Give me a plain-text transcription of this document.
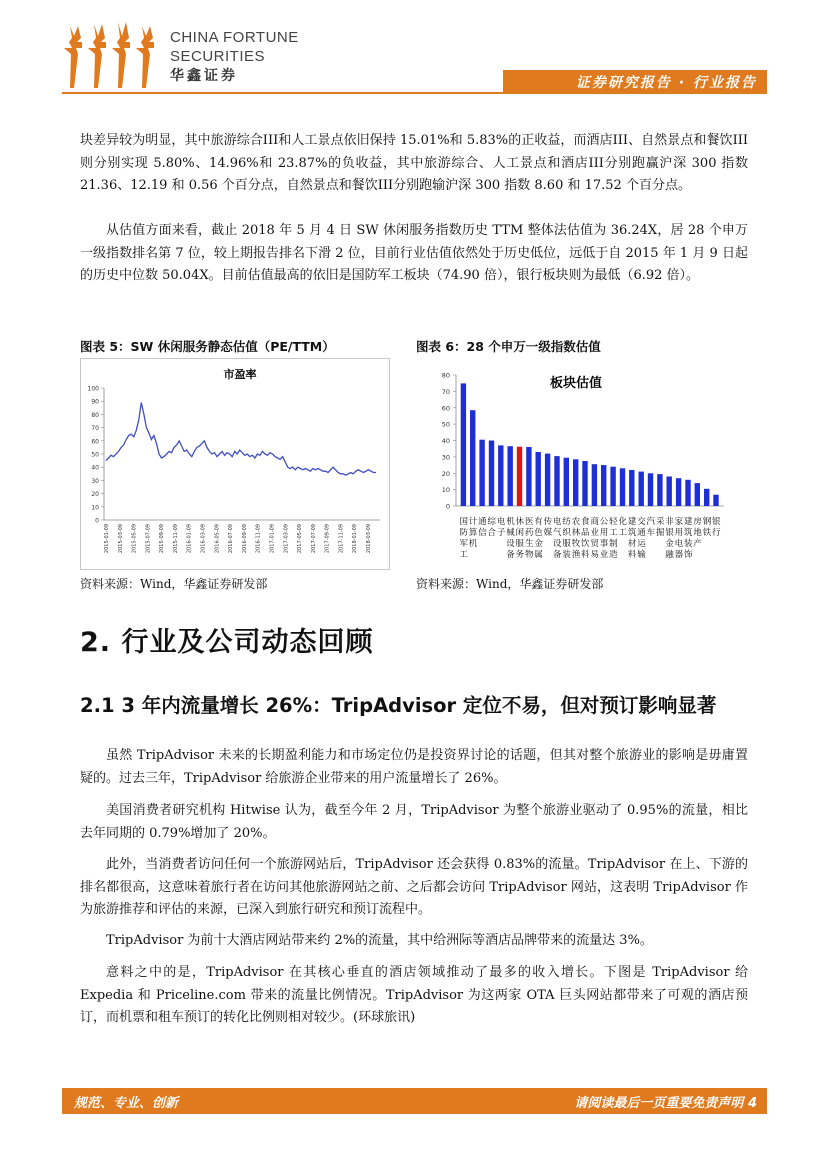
CHINA FORTUNE
SECURITIES
华鑫证券	证券研究报告 · 行业报告

块差异较为明显，其中旅游综合III和人工景点依旧保持 15.01%和 5.83%的正收益，而酒店III、自然景点和餐饮III则分别实现 5.80%、14.96%和 23.87%的负收益，其中旅游综合、人工景点和酒店III分别跑赢沪深 300 指数 21.36、12.19 和 0.56 个百分点，自然景点和餐饮III分别跑输沪深 300 指数 8.60 和 17.52 个百分点。

从估值方面来看，截止 2018 年 5 月 4 日 SW 休闲服务指数历史 TTM 整体法估值为 36.24X，居 28 个申万一级指数排名第 7 位，较上期报告排名下滑 2 位，目前行业估值依然处于历史低位，远低于自 2015 年 1 月 9 日起的历史中位数 50.04X。目前估值最高的依旧是国防军工板块（74.90 倍），银行板块则为最低（6.92 倍）。

图表 5：SW 休闲服务静态估值（PE/TTM）
市盈率
0
10
20
30
40
50
60
70
80
90
100
2015-01-09 2015-03-09 2015-05-09 2015-07-09 2015-09-09 2015-11-09 2016-01-09 2016-03-09 2016-05-09 2016-07-09 2016-09-09 2016-11-09 2017-01-09 2017-03-09 2017-05-09 2017-07-09 2017-09-09 2017-11-09 2018-01-09 2018-03-09
资料来源：Wind，华鑫证券研发部
图表 6：28 个申万一级指数估值
板块估值
0
10
20
30
40
50
60
70
80
国 计 通 综 电 机 休 医 有 传 电 纺 农 食 商 公 轻 化 建 交 汽 采 非 家 建 房 钢 银
防 算 信 合 子 械 闲 药 色 媒 气 织 林 品 业 用 工 工 筑 通 车 掘 银 用 筑 地 铁 行
军 机	设 服 生 金 设 服 牧 饮 贸 事 制 材 运 金 电 装 产
工	备 务 物 属 备 装 渔 料 易 业 造 料 输 融 器 饰
资料来源：Wind，华鑫证券研发部
2. 行业及公司动态回顾
2.1 3 年内流量增长 26%：TripAdvisor 定位不易，但对预订影响显著

虽然 TripAdvisor 未来的长期盈利能力和市场定位仍是投资界讨论的话题，但其对整个旅游业的影响是毋庸置疑的。过去三年，TripAdvisor 给旅游企业带来的用户流量增长了 26%。

美国消费者研究机构 Hitwise 认为，截至今年 2 月，TripAdvisor 为整个旅游业驱动了 0.95%的流量，相比去年同期的 0.79%增加了 20%。

此外，当消费者访问任何一个旅游网站后，TripAdvisor 还会获得 0.83%的流量。TripAdvisor 在上、下游的排名都很高，这意味着旅行者在访问其他旅游网站之前、之后都会访问 TripAdvisor 网站，这表明 TripAdvisor 作为旅游推荐和评估的来源，已深入到旅行研究和预订流程中。

TripAdvisor 为前十大酒店网站带来约 2%的流量，其中给洲际等酒店品牌带来的流量达 3%。

意料之中的是，TripAdvisor 在其核心垂直的酒店领域推动了最多的收入增长。下图是 TripAdvisor 给 Expedia 和 Priceline.com 带来的流量比例情况。TripAdvisor 为这两家 OTA 巨头网站都带来了可观的酒店预订，而机票和租车预订的转化比例则相对较少。(环球旅讯)

规范、专业、创新	请阅读最后一页重要免责声明 4
